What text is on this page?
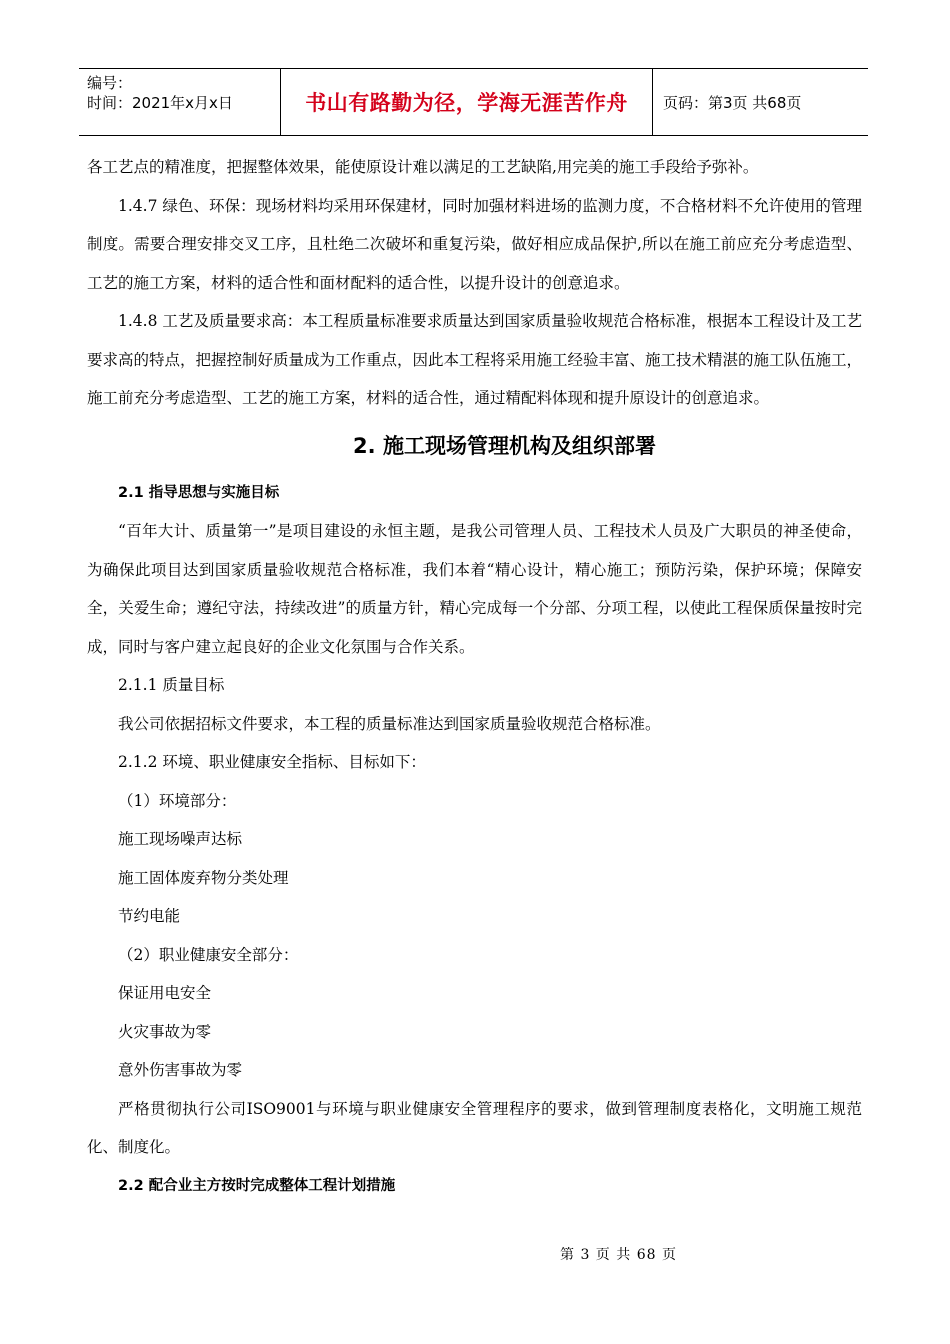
编号：
时间：2021年x月x日	书山有路勤为径，学海无涯苦作舟	页码：第3页 共68页

各工艺点的精准度，把握整体效果，能使原设计难以满足的工艺缺陷,用完美的施工手段给予弥补。

1.4.7 绿色、环保：现场材料均采用环保建材，同时加强材料进场的监测力度，不合格材料不允许使用的管理制度。需要合理安排交叉工序，且杜绝二次破坏和重复污染，做好相应成品保护,所以在施工前应充分考虑造型、工艺的施工方案，材料的适合性和面材配料的适合性，以提升设计的创意追求。

1.4.8 工艺及质量要求高：本工程质量标准要求质量达到国家质量验收规范合格标准，根据本工程设计及工艺要求高的特点，把握控制好质量成为工作重点，因此本工程将采用施工经验丰富、施工技术精湛的施工队伍施工，施工前充分考虑造型、工艺的施工方案，材料的适合性，通过精配料体现和提升原设计的创意追求。

2. 施工现场管理机构及组织部署
2.1 指导思想与实施目标

“百年大计、质量第一”是项目建设的永恒主题，是我公司管理人员、工程技术人员及广大职员的神圣使命，为确保此项目达到国家质量验收规范合格标准，我们本着“精心设计，精心施工；预防污染，保护环境；保障安全，关爱生命；遵纪守法，持续改进”的质量方针，精心完成每一个分部、分项工程，以使此工程保质保量按时完成，同时与客户建立起良好的企业文化氛围与合作关系。

2.1.1 质量目标

我公司依据招标文件要求，本工程的质量标准达到国家质量验收规范合格标准。

2.1.2 环境、职业健康安全指标、目标如下：

（1）环境部分：

施工现场噪声达标

施工固体废弃物分类处理

节约电能

（2）职业健康安全部分：

保证用电安全

火灾事故为零

意外伤害事故为零

严格贯彻执行公司ISO9001与环境与职业健康安全管理程序的要求，做到管理制度表格化，文明施工规范化、制度化。

2.2 配合业主方按时完成整体工程计划措施
第 3 页 共 68 页
